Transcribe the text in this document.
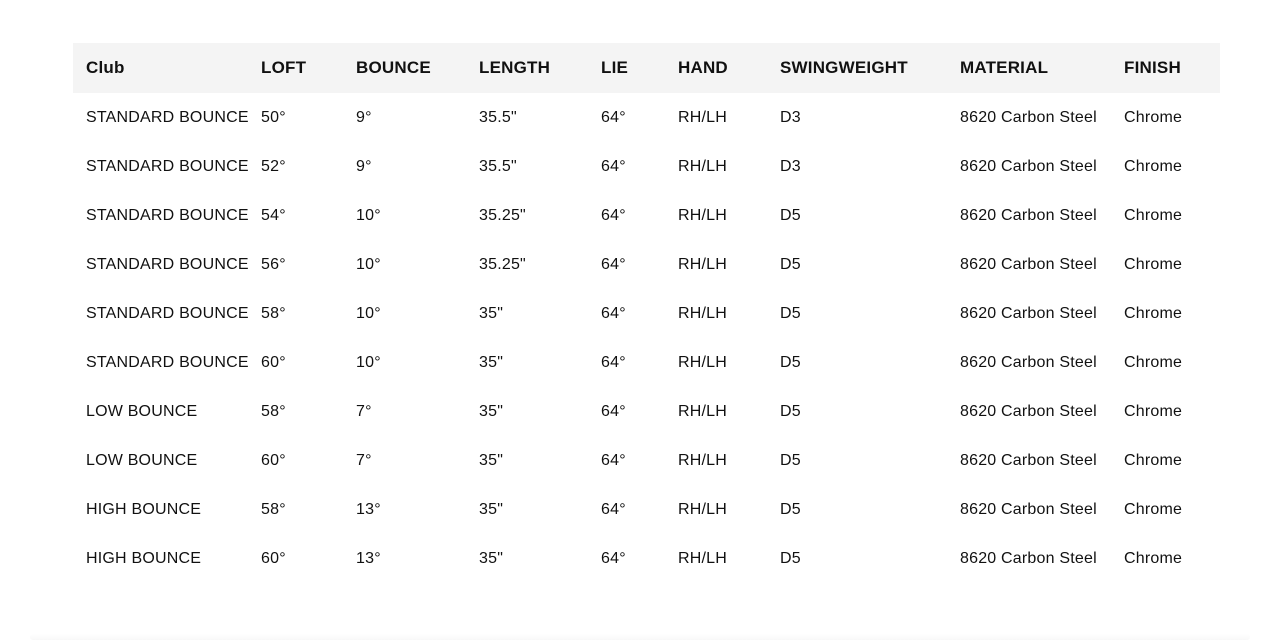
Club	LOFT	BOUNCE	LENGTH	LIE	HAND	SWINGWEIGHT	MATERIAL	FINISH
STANDARD BOUNCE	50°	9°	35.5"	64°	RH/LH	D3	8620 Carbon Steel	Chrome
STANDARD BOUNCE	52°	9°	35.5"	64°	RH/LH	D3	8620 Carbon Steel	Chrome
STANDARD BOUNCE	54°	10°	35.25"	64°	RH/LH	D5	8620 Carbon Steel	Chrome
STANDARD BOUNCE	56°	10°	35.25"	64°	RH/LH	D5	8620 Carbon Steel	Chrome
STANDARD BOUNCE	58°	10°	35"	64°	RH/LH	D5	8620 Carbon Steel	Chrome
STANDARD BOUNCE	60°	10°	35"	64°	RH/LH	D5	8620 Carbon Steel	Chrome
LOW BOUNCE	58°	7°	35"	64°	RH/LH	D5	8620 Carbon Steel	Chrome
LOW BOUNCE	60°	7°	35"	64°	RH/LH	D5	8620 Carbon Steel	Chrome
HIGH BOUNCE	58°	13°	35"	64°	RH/LH	D5	8620 Carbon Steel	Chrome
HIGH BOUNCE	60°	13°	35"	64°	RH/LH	D5	8620 Carbon Steel	Chrome
